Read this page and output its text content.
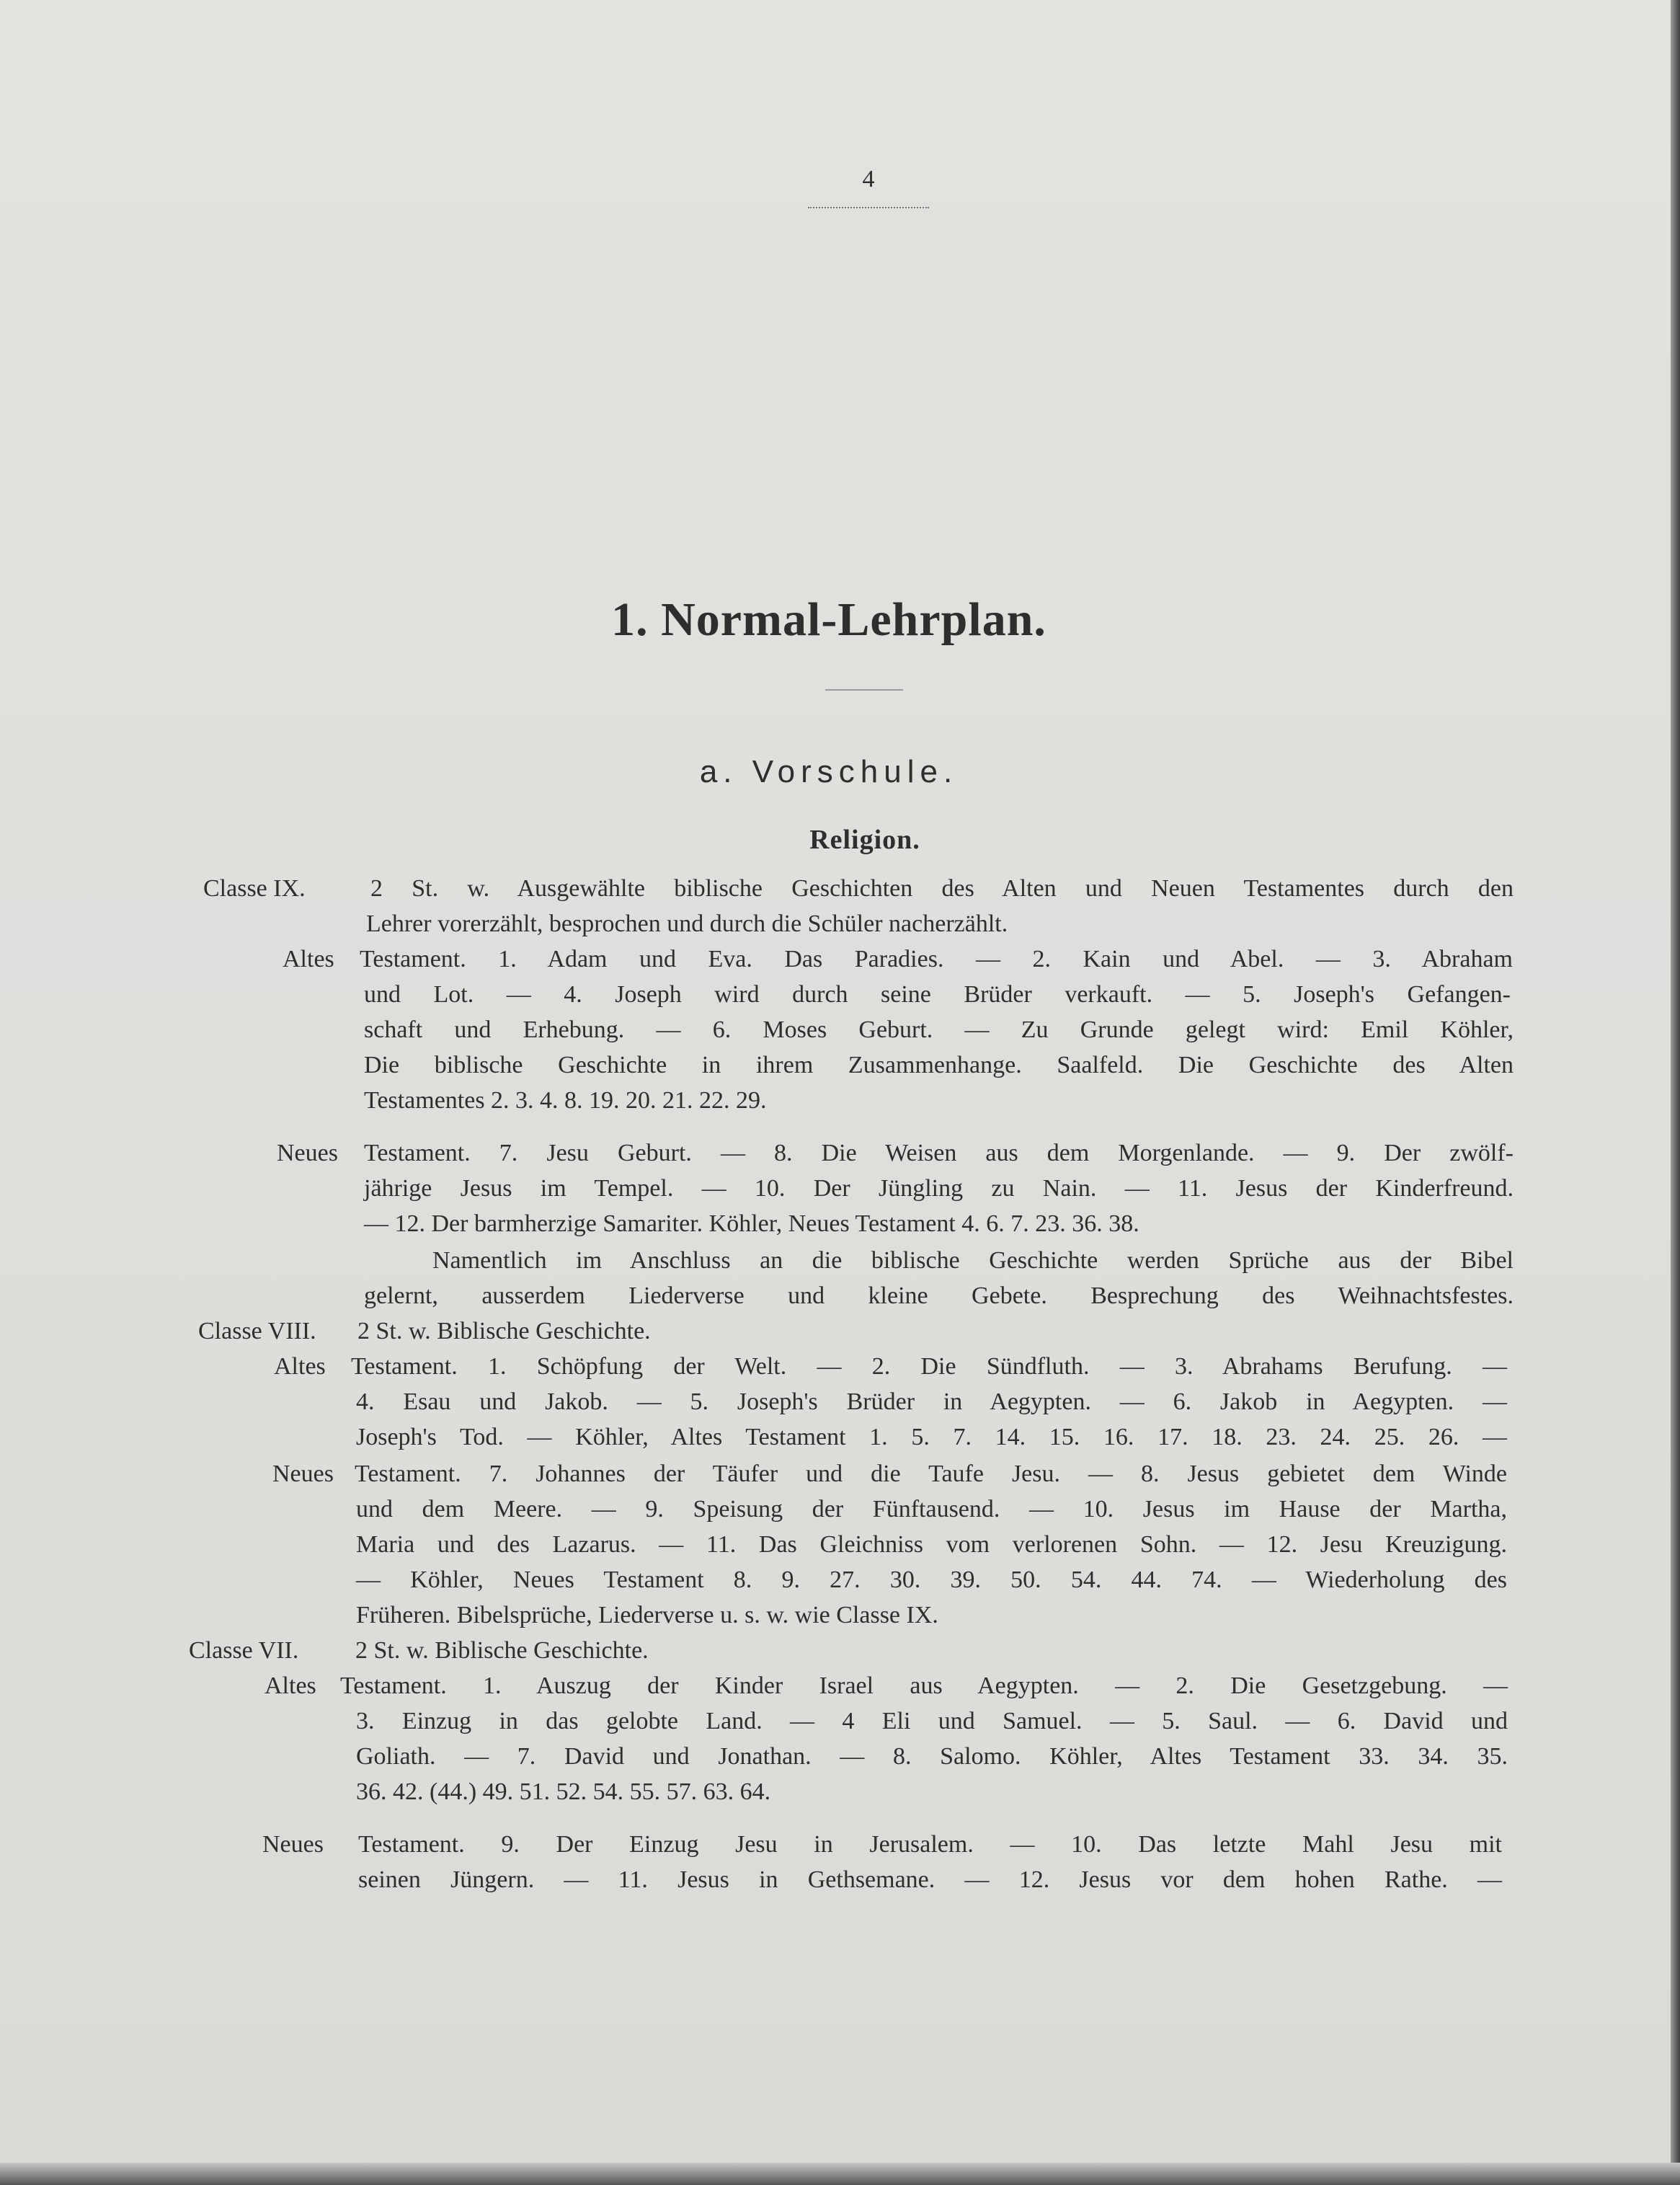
4
1. Normal-Lehrplan.
a. Vorschule.
Religion.
Classe IX.	2 St. w. Ausgewählte biblische Geschichten des Alten und Neuen Testamentes durch den
Lehrer vorerzählt, besprochen und durch die Schüler nacherzählt.
Altes Testament. 1. Adam und Eva. Das Paradies. — 2. Kain und Abel. — 3. Abraham
und Lot. — 4. Joseph wird durch seine Brüder verkauft. — 5. Joseph's Gefangen-
schaft und Erhebung. — 6. Moses Geburt. — Zu Grunde gelegt wird: Emil Köhler,
Die biblische Geschichte in ihrem Zusammenhange. Saalfeld. Die Geschichte des Alten
Testamentes 2. 3. 4. 8. 19. 20. 21. 22. 29.
Neues Testament. 7. Jesu Geburt. — 8. Die Weisen aus dem Morgenlande. — 9. Der zwölf-
jährige Jesus im Tempel. — 10. Der Jüngling zu Nain. — 11. Jesus der Kinderfreund.
— 12. Der barmherzige Samariter. Köhler, Neues Testament 4. 6. 7. 23. 36. 38.
Namentlich im Anschluss an die biblische Geschichte werden Sprüche aus der Bibel
gelernt, ausserdem Liederverse und kleine Gebete. Besprechung des Weihnachtsfestes.
Classe VIII. 2 St. w. Biblische Geschichte.
Altes Testament. 1. Schöpfung der Welt. — 2. Die Sündfluth. — 3. Abrahams Berufung. —
4. Esau und Jakob. — 5. Joseph's Brüder in Aegypten. — 6. Jakob in Aegypten. —
Joseph's Tod. — Köhler, Altes Testament 1. 5. 7. 14. 15. 16. 17. 18. 23. 24. 25. 26. —
Neues Testament. 7. Johannes der Täufer und die Taufe Jesu. — 8. Jesus gebietet dem Winde
und dem Meere. — 9. Speisung der Fünftausend. — 10. Jesus im Hause der Martha,
Maria und des Lazarus. — 11. Das Gleichniss vom verlorenen Sohn. — 12. Jesu Kreuzigung.
— Köhler, Neues Testament 8. 9. 27. 30. 39. 50. 54. 44. 74. — Wiederholung des
Früheren. Bibelsprüche, Liederverse u. s. w. wie Classe IX.
Classe VII. 2 St. w. Biblische Geschichte.
Altes Testament. 1. Auszug der Kinder Israel aus Aegypten. — 2. Die Gesetzgebung. —
3. Einzug in das gelobte Land. — 4 Eli und Samuel. — 5. Saul. — 6. David und
Goliath. — 7. David und Jonathan. — 8. Salomo. Köhler, Altes Testament 33. 34. 35.
36. 42. (44.) 49. 51. 52. 54. 55. 57. 63. 64.
Neues Testament. 9. Der Einzug Jesu in Jerusalem. — 10. Das letzte Mahl Jesu mit
seinen Jüngern. — 11. Jesus in Gethsemane. — 12. Jesus vor dem hohen Rathe. —
